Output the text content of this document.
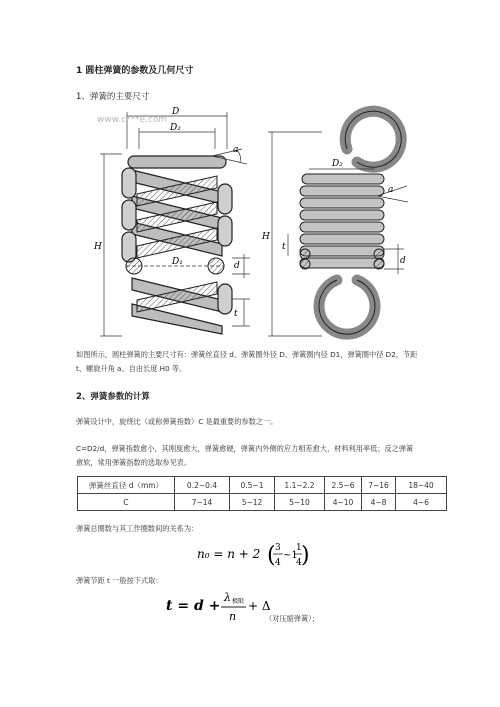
1 圆柱弹簧的参数及几何尺寸
1、弹簧的主要尺寸
D
D₂
H
D₁	d
t
a
www.c***e.com
D₂
H
t
d
a
如图所示，圆柱弹簧的主要尺寸有：弹簧丝直径 d、弹簧圈外径 D、弹簧圈内径 D1，弹簧圈中径 D2，节距
t、螺旋升角 a、自由长度 H0 等。
2、弹簧参数的计算
弹簧设计中，旋绕比（或称弹簧指数）C 是最重要的参数之一。
C=D2/d，弹簧指数愈小，其刚度愈大，弹簧愈硬，弹簧内外侧的应力相差愈大，材料利用率低；反之弹簧
愈软，常用弹簧指数的选取参见表。
弹簧丝直径 d（mm）	0.2~0.4	0.5~1	1.1~2.2	2.5~6	7~16	18~40
C	7~14	5~12	5~10	4~10	4~8	4~6
弹簧总圈数与其工作圈数间的关系为：
n₀ = n + 2 ( 3
4
~1
1
4 )
弹簧节距 t 一般按下式取：
t = d +
λ 极限
n
+ Δ
（对压缩弹簧）；
